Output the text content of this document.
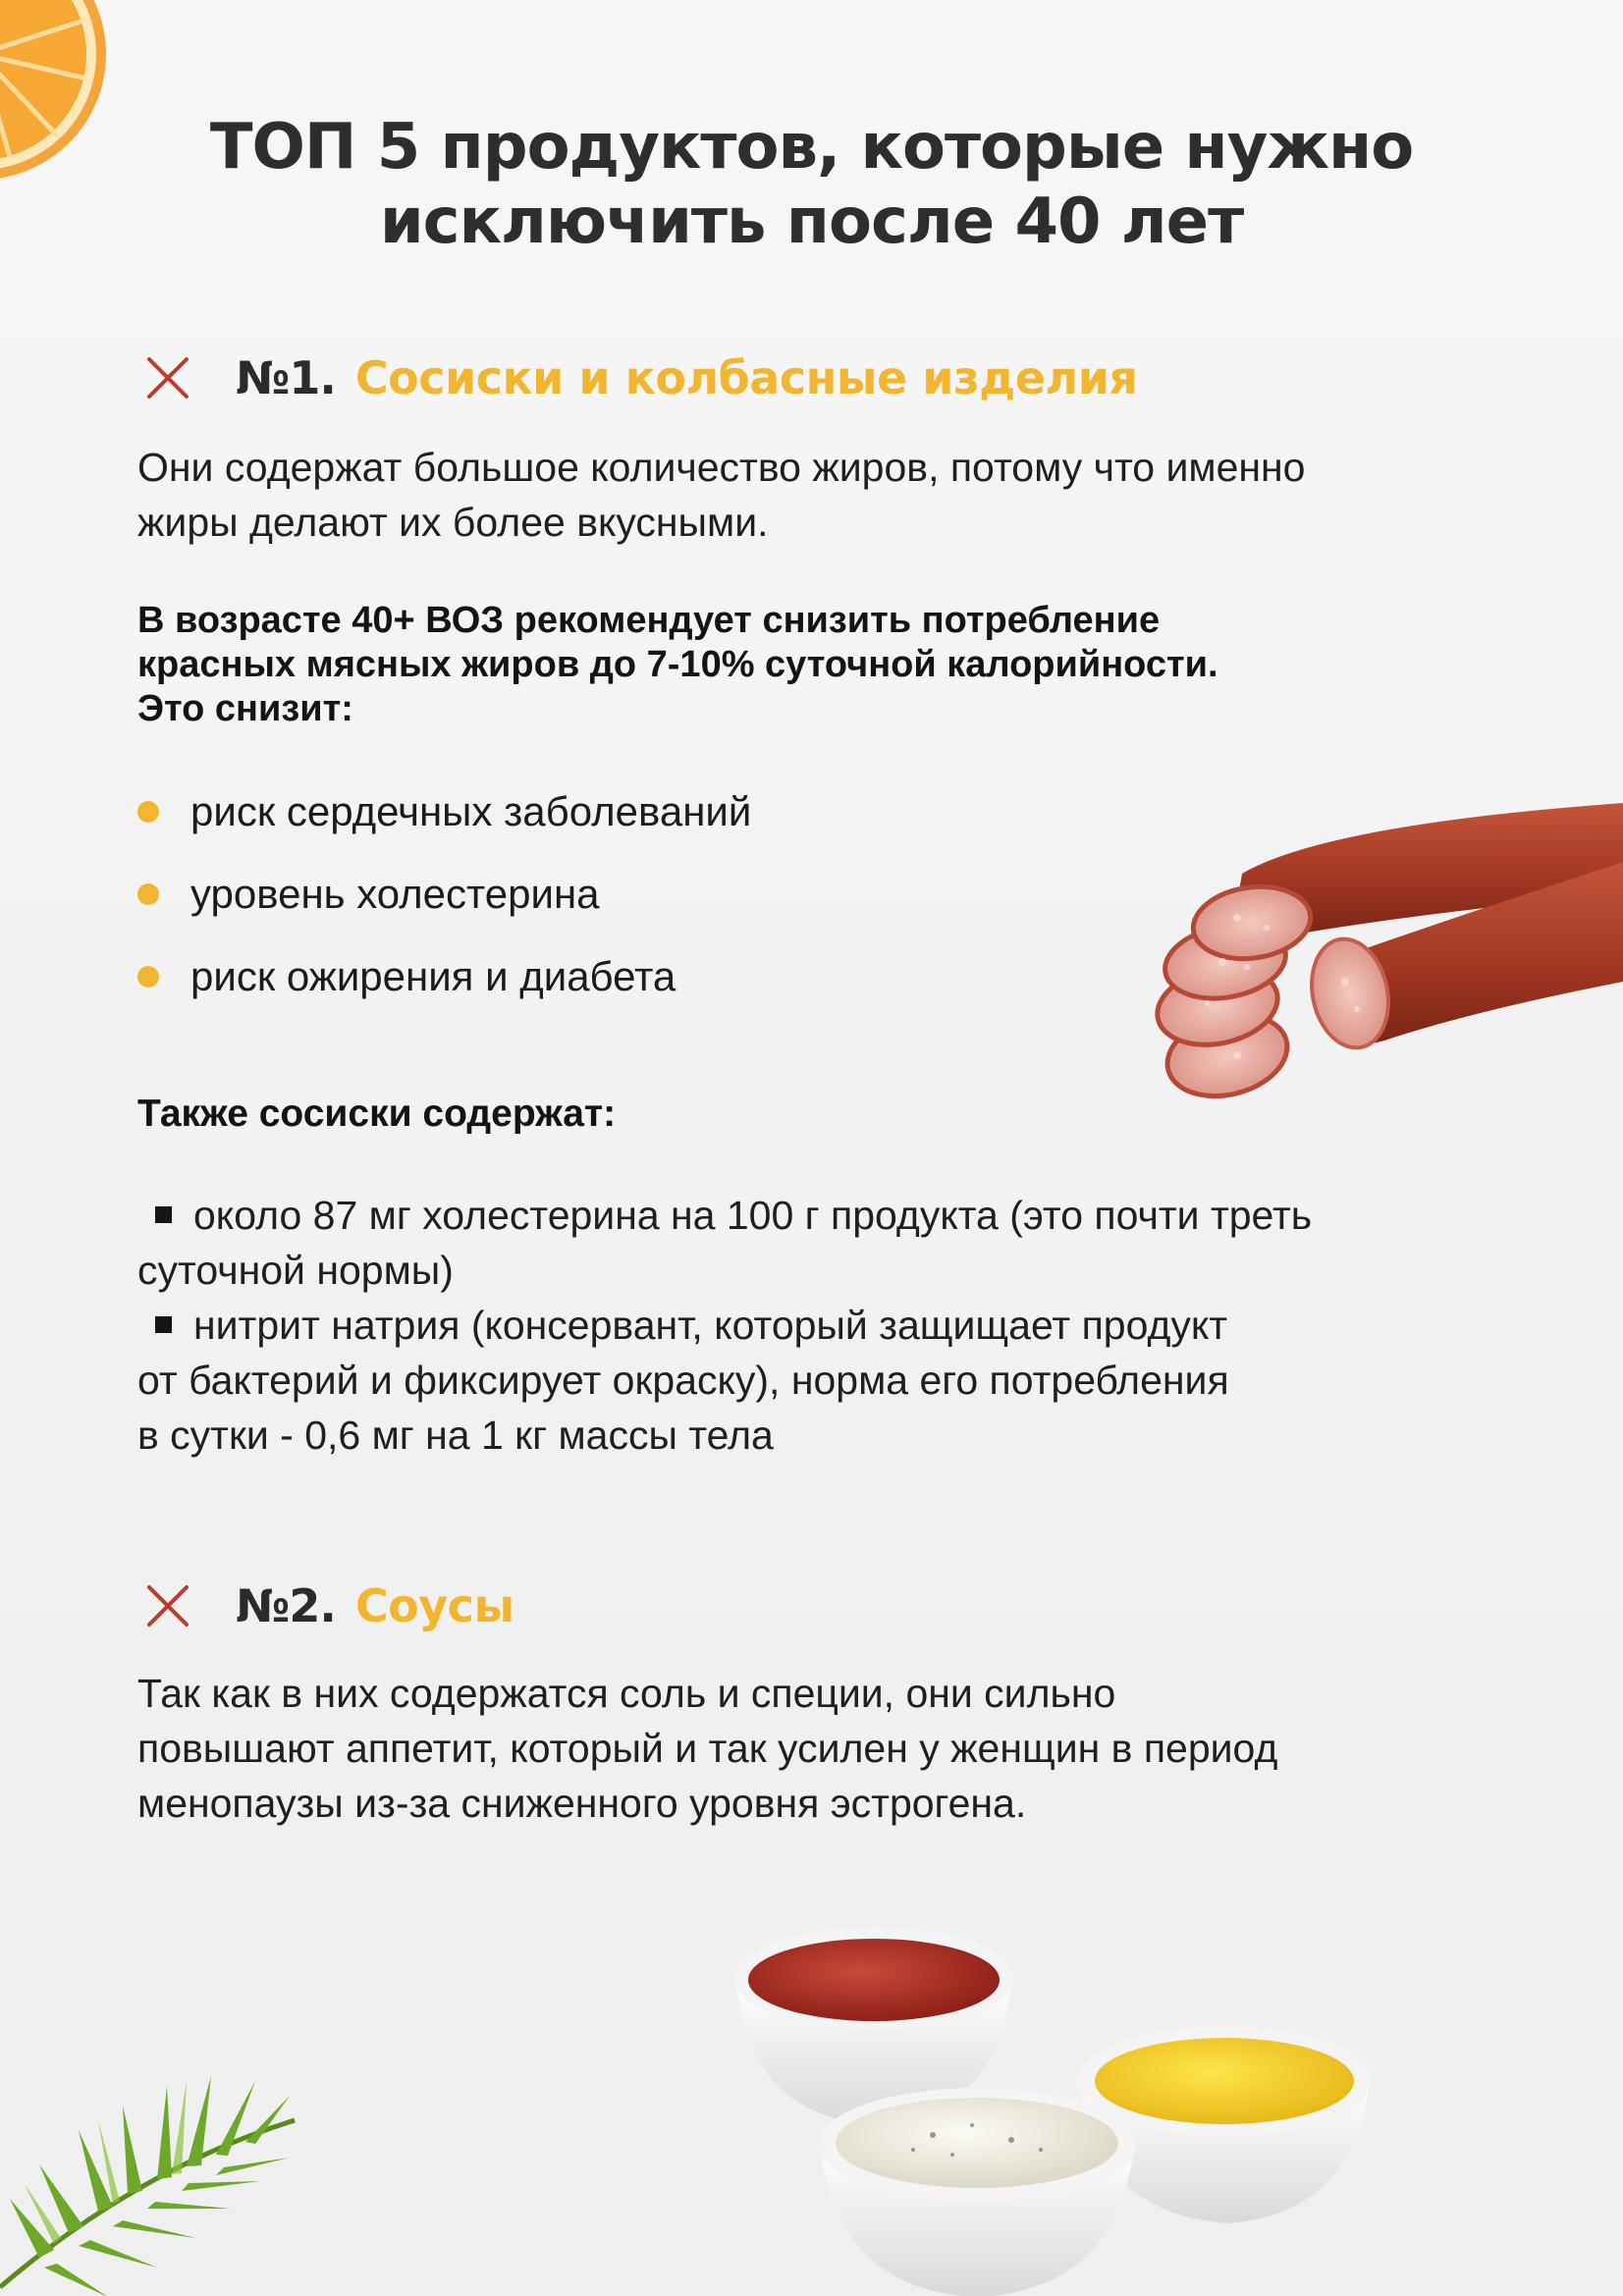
ТОП 5 продуктов, которые нужно
исключить после 40 лет
№1. Сосиски и колбасные изделия
Они содержат большое количество жиров, потому что именно
жиры делают их более вкусными.
В возрасте 40+ ВОЗ рекомендует снизить потребление
красных мясных жиров до 7-10% суточной калорийности.
Это снизит:
риск сердечных заболеваний
уровень холестерина
риск ожирения и диабета
Также сосиски содержат:
около 87 мг холестерина на 100 г продукта (это почти треть
суточной нормы)
нитрит натрия (консервант, который защищает продукт
от бактерий и фиксирует окраску), норма его потребления
в сутки - 0,6 мг на 1 кг массы тела
№2. Соусы
Так как в них содержатся соль и специи, они сильно
повышают аппетит, который и так усилен у женщин в период
менопаузы из-за сниженного уровня эстрогена.
